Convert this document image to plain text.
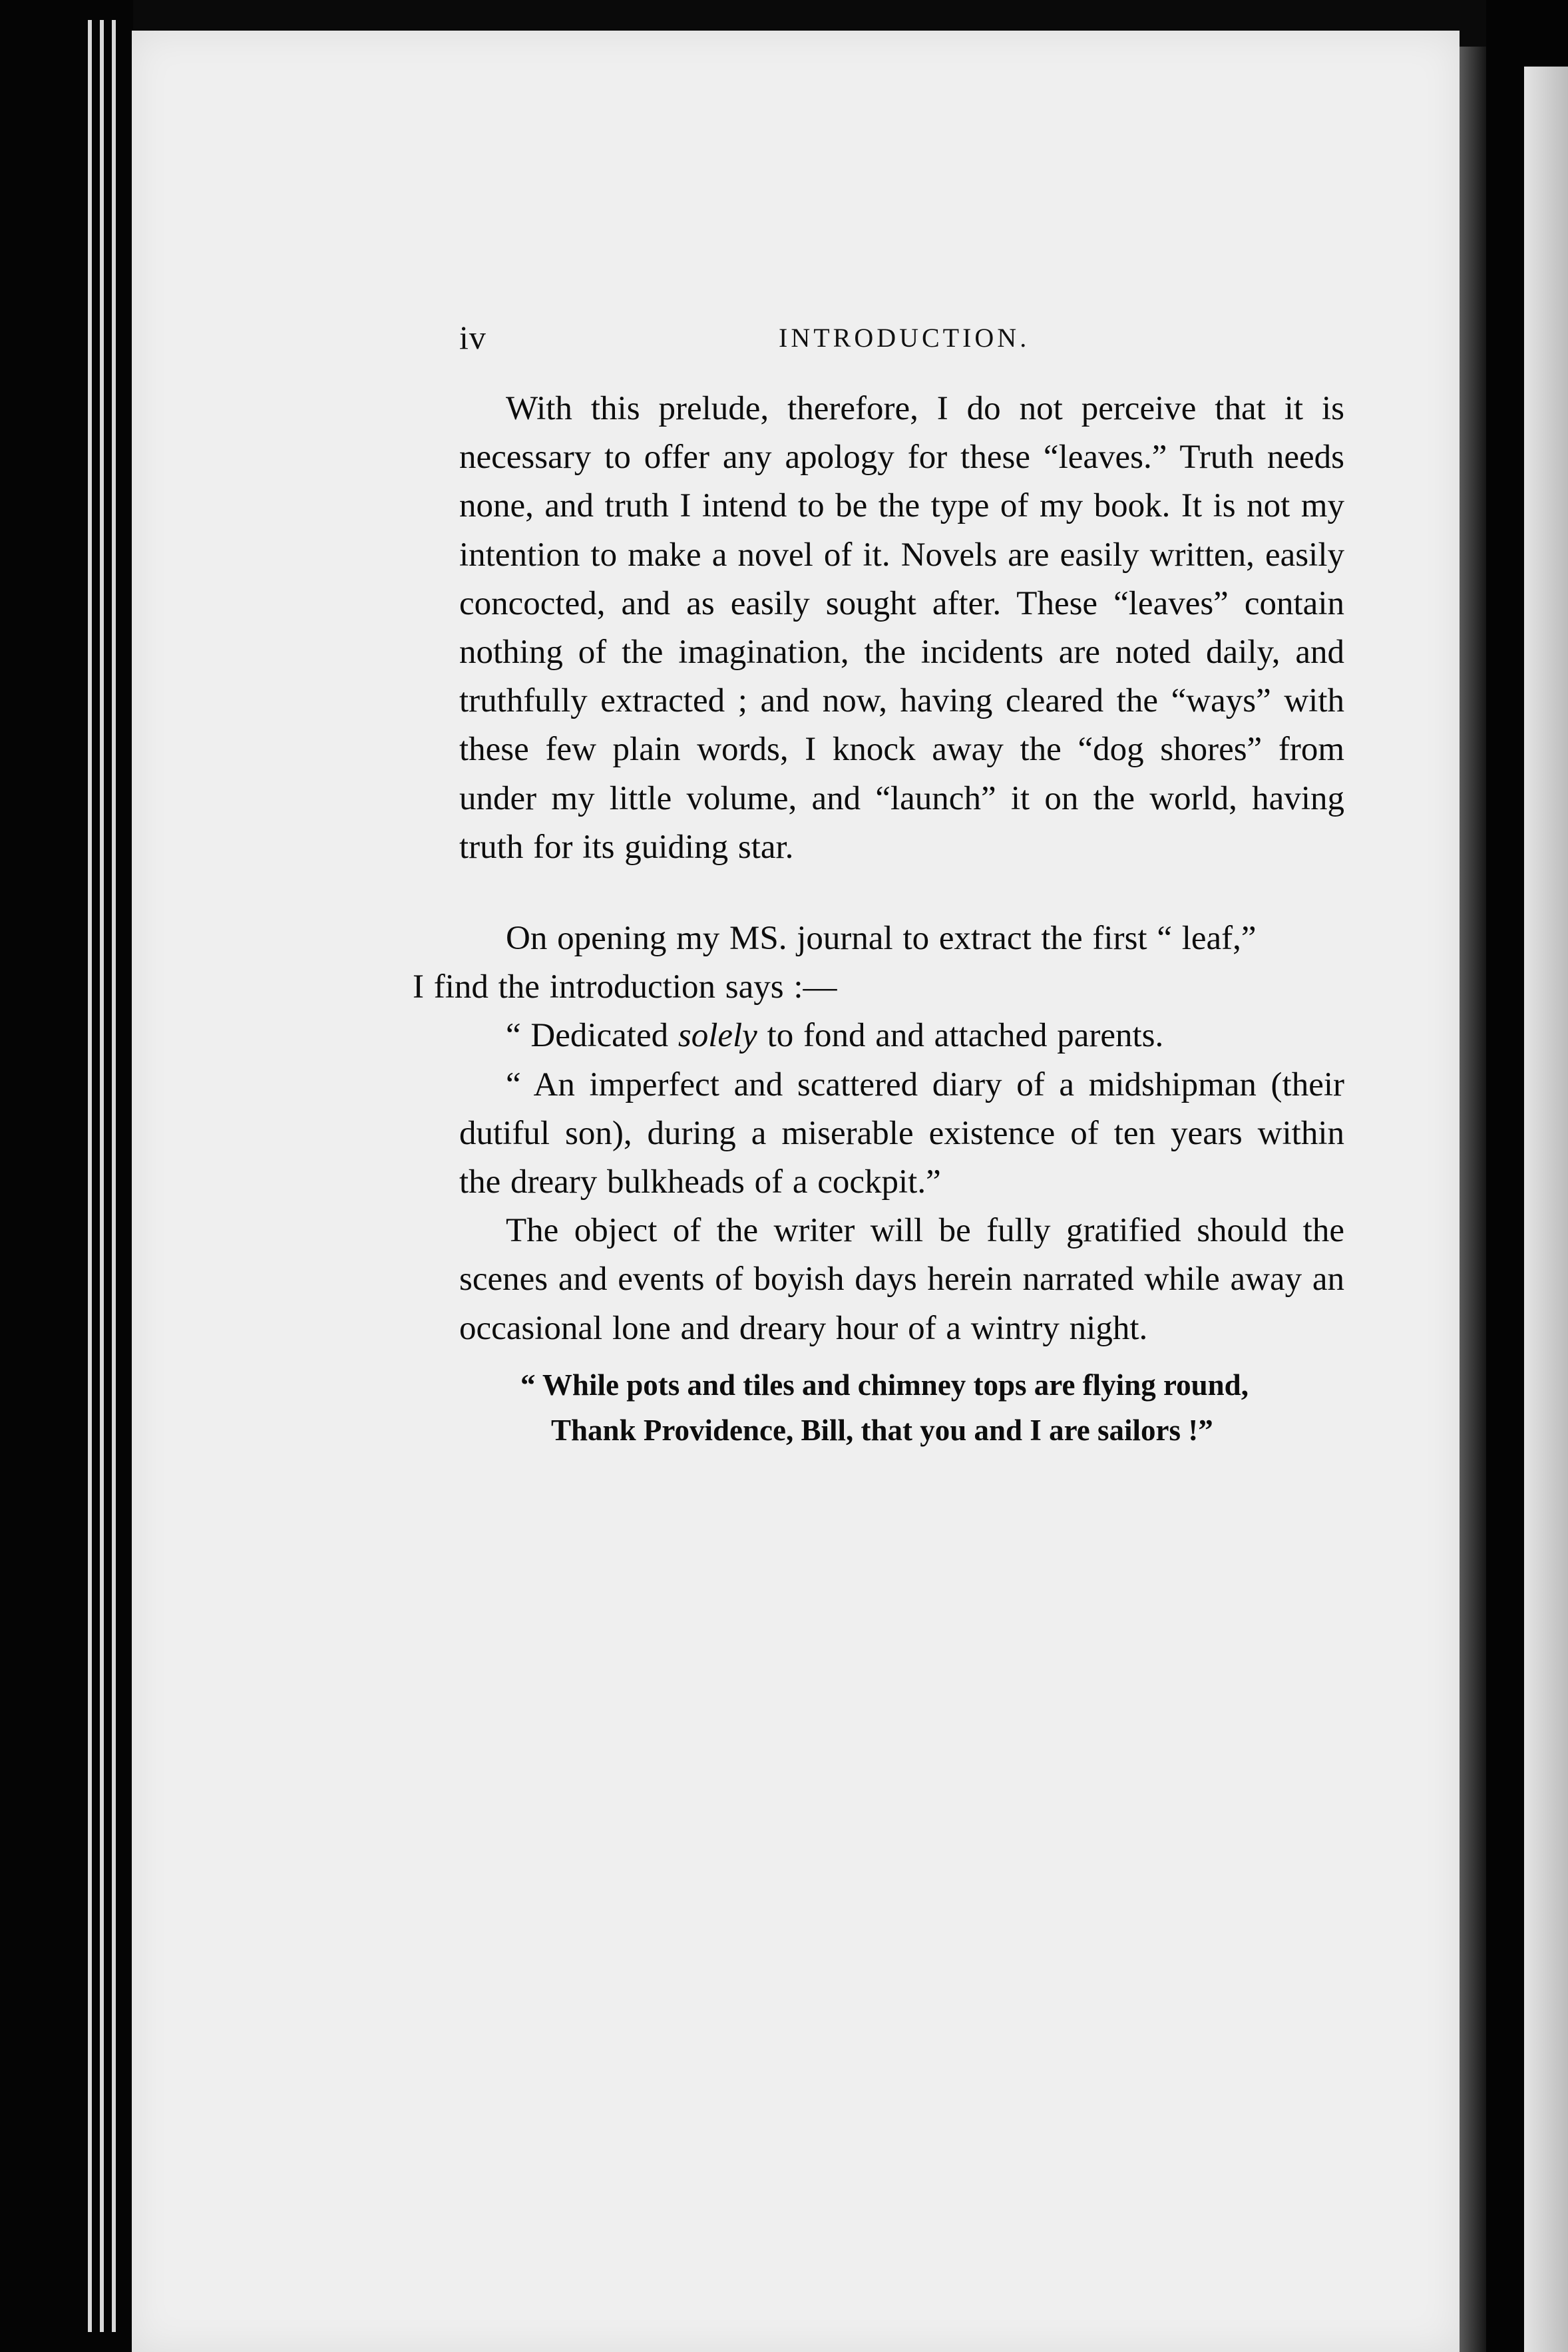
iv	INTRODUCTION.

With this prelude, therefore, I do not perceive that it is necessary to offer any apology for these “leaves.” Truth needs none, and truth I intend to be the type of my book. It is not my intention to make a novel of it. Novels are easily written, easily concocted, and as easily sought after. These “leaves” contain nothing of the imagination, the incidents are noted daily, and truthfully extracted ; and now, having cleared the “ways” with these few plain words, I knock away the “dog shores” from under my little volume, and “launch” it on the world, having truth for its guiding star.

On opening my MS. journal to extract the first “ leaf,”
I find the introduction says :—

“ Dedicated solely to fond and attached parents.

“ An imperfect and scattered diary of a midshipman (their dutiful son), during a miserable existence of ten years within the dreary bulkheads of a cockpit.”

The object of the writer will be fully gratified should the scenes and events of boyish days herein narrated while away an occasional lone and dreary hour of a wintry night.

“ While pots and tiles and chimney tops are flying round,
Thank Providence, Bill, that you and I are sailors !”
